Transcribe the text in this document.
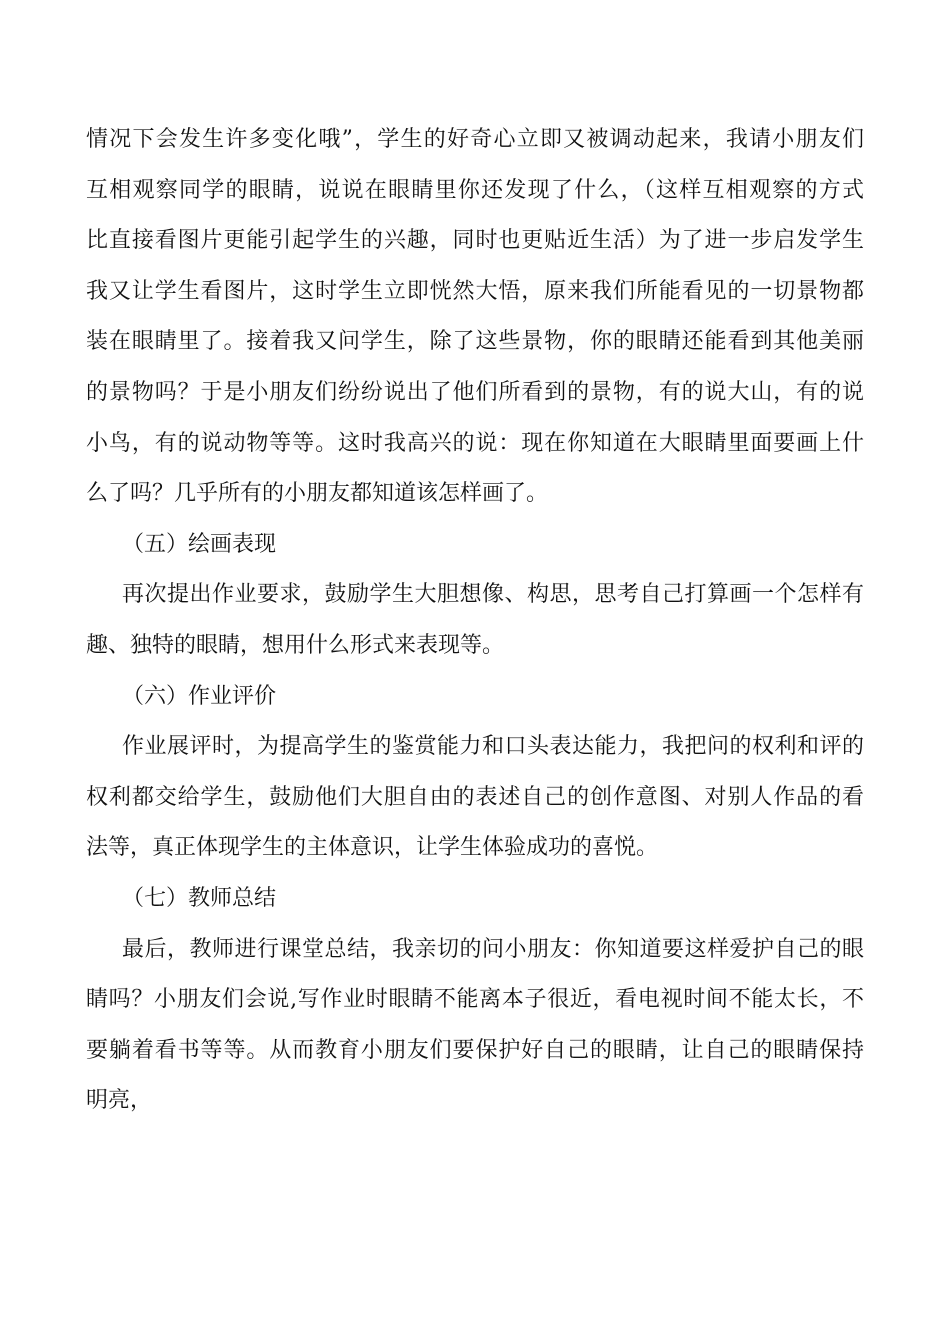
情况下会发生许多变化哦”，学生的好奇心立即又被调动起来，我请小朋友们
互相观察同学的眼睛，说说在眼睛里你还发现了什么，（这样互相观察的方式
比直接看图片更能引起学生的兴趣，同时也更贴近生活）为了进一步启发学生
我又让学生看图片，这时学生立即恍然大悟，原来我们所能看见的一切景物都
装在眼睛里了。接着我又问学生，除了这些景物，你的眼睛还能看到其他美丽
的景物吗？于是小朋友们纷纷说出了他们所看到的景物，有的说大山，有的说
小鸟，有的说动物等等。这时我高兴的说：现在你知道在大眼睛里面要画上什
么了吗？几乎所有的小朋友都知道该怎样画了。
（五）绘画表现
再次提出作业要求，鼓励学生大胆想像、构思，思考自己打算画一个怎样有
趣、独特的眼睛，想用什么形式来表现等。
（六）作业评价
作业展评时，为提高学生的鉴赏能力和口头表达能力，我把问的权利和评的
权利都交给学生，鼓励他们大胆自由的表述自己的创作意图、对别人作品的看
法等，真正体现学生的主体意识，让学生体验成功的喜悦。
（七）教师总结
最后，教师进行课堂总结，我亲切的问小朋友：你知道要这样爱护自己的眼
睛吗？小朋友们会说,写作业时眼睛不能离本子很近，看电视时间不能太长，不
要躺着看书等等。从而教育小朋友们要保护好自己的眼睛，让自己的眼睛保持
明亮，
